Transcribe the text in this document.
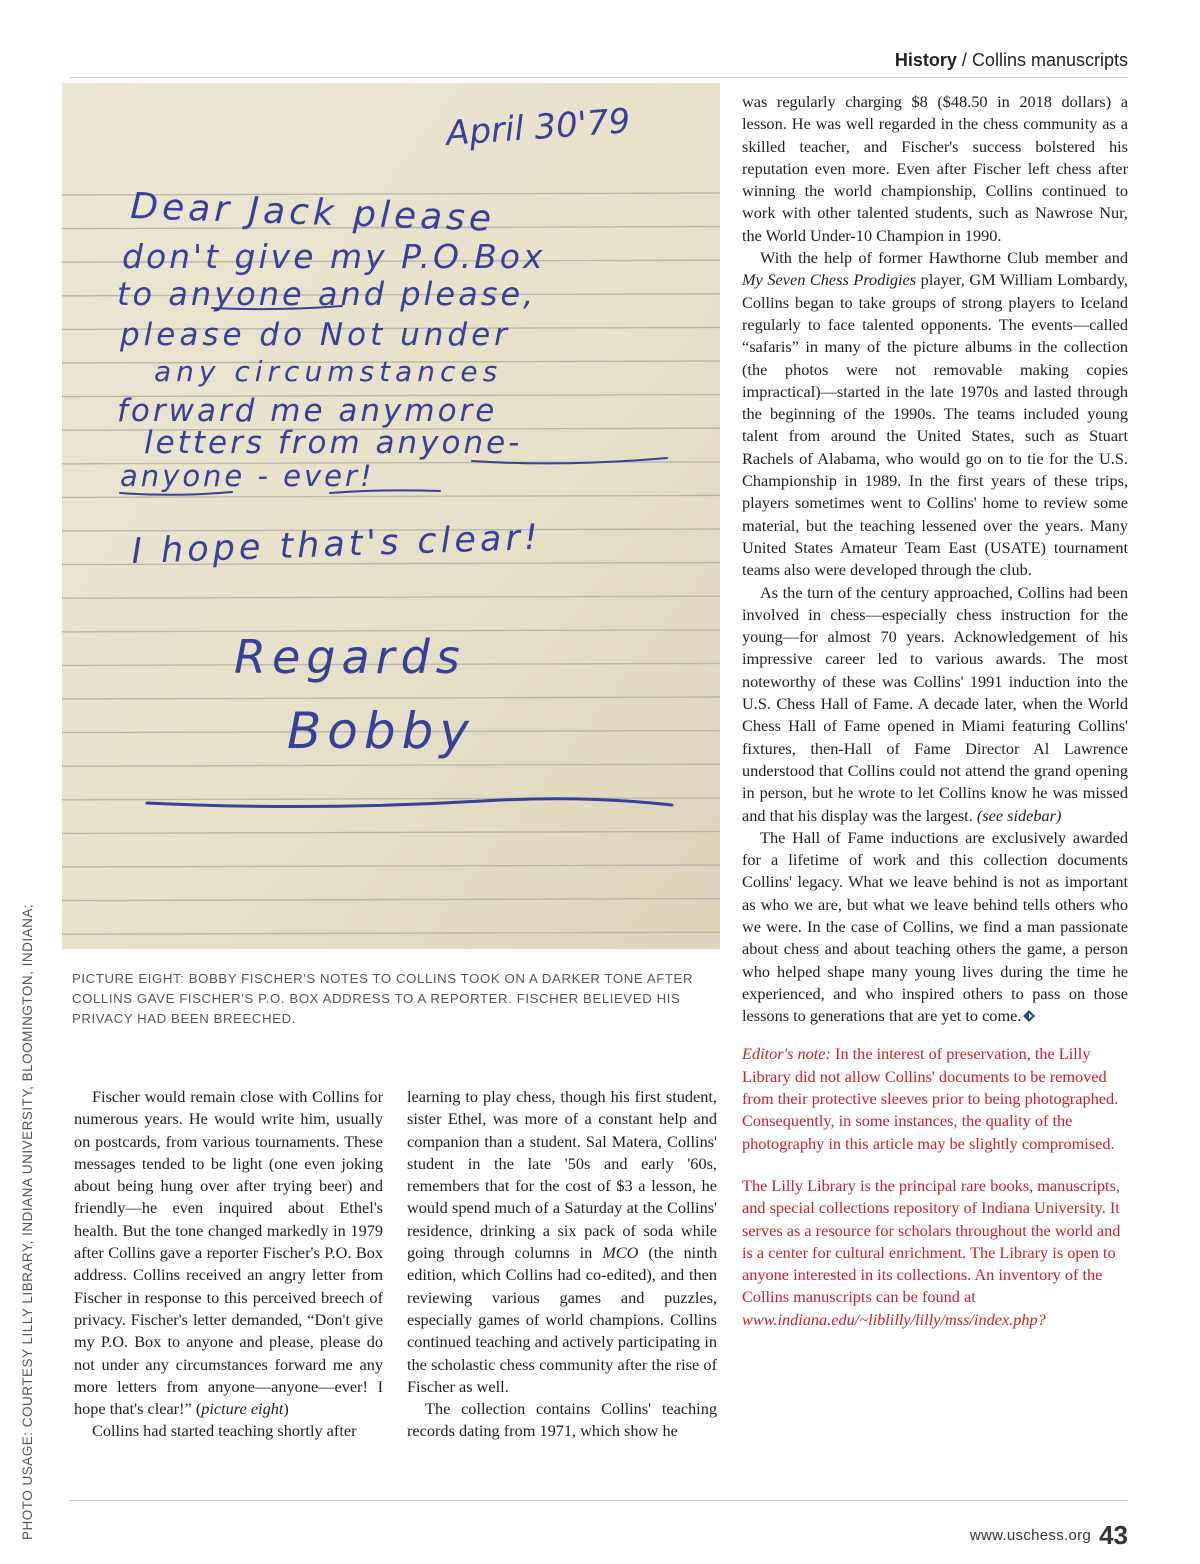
History / Collins manuscripts
PHOTO USAGE: COURTESY LILLY LIBRARY, INDIANA UNIVERSITY, BLOOMINGTON, INDIANA;
April 30'79
Dear Jack please
don't give my P.O.Box
to anyone and please,
please do Not under
any circumstances
forward me anymore
letters from anyone-
anyone - ever!
I hope that's clear!
Regards
Bobby
PICTURE EIGHT: BOBBY FISCHER'S NOTES TO COLLINS TOOK ON A DARKER TONE AFTER COLLINS GAVE FISCHER'S P.O. BOX ADDRESS TO A REPORTER. FISCHER BELIEVED HIS PRIVACY HAD BEEN BREECHED.

Fischer would remain close with Collins for numerous years. He would write him, usually on postcards, from various tournaments. These messages tended to be light (one even joking about being hung over after trying beer) and friendly—he even inquired about Ethel's health. But the tone changed markedly in 1979 after Collins gave a reporter Fischer's P.O. Box address. Collins received an angry letter from Fischer in response to this perceived breech of privacy. Fischer's letter demanded, “Don't give my P.O. Box to anyone and please, please do not under any circumstances forward me any more letters from anyone—anyone—ever! I hope that's clear!” (picture eight)

Collins had started teaching shortly after

learning to play chess, though his first student, sister Ethel, was more of a constant help and companion than a student. Sal Matera, Collins' student in the late '50s and early '60s, remembers that for the cost of $3 a lesson, he would spend much of a Saturday at the Collins' residence, drinking a six pack of soda while going through columns in MCO (the ninth edition, which Collins had co-edited), and then reviewing various games and puzzles, especially games of world champions. Collins continued teaching and actively participating in the scholastic chess community after the rise of Fischer as well.

The collection contains Collins' teaching records dating from 1971, which show he

was regularly charging $8 ($48.50 in 2018 dollars) a lesson. He was well regarded in the chess community as a skilled teacher, and Fischer's success bolstered his reputation even more. Even after Fischer left chess after winning the world championship, Collins continued to work with other talented students, such as Nawrose Nur, the World Under-10 Champion in 1990.

With the help of former Hawthorne Club member and My Seven Chess Prodigies player, GM William Lombardy, Collins began to take groups of strong players to Iceland regularly to face talented opponents. The events—called “safaris” in many of the picture albums in the collection (the photos were not removable making copies impractical)—started in the late 1970s and lasted through the beginning of the 1990s. The teams included young talent from around the United States, such as Stuart Rachels of Alabama, who would go on to tie for the U.S. Championship in 1989. In the first years of these trips, players sometimes went to Collins' home to review some material, but the teaching lessened over the years. Many United States Amateur Team East (USATE) tournament teams also were developed through the club.

As the turn of the century approached, Collins had been involved in chess—especially chess instruction for the young—for almost 70 years. Acknowledgement of his impressive career led to various awards. The most noteworthy of these was Collins' 1991 induction into the U.S. Chess Hall of Fame. A decade later, when the World Chess Hall of Fame opened in Miami featuring Collins' fixtures, then-Hall of Fame Director Al Lawrence understood that Collins could not attend the grand opening in person, but he wrote to let Collins know he was missed and that his display was the largest. (see sidebar)

The Hall of Fame inductions are exclusively awarded for a lifetime of work and this collection documents Collins' legacy. What we leave behind is not as important as who we are, but what we leave behind tells others who we were. In the case of Collins, we find a man passionate about chess and about teaching others the game, a person who helped shape many young lives during the time he experienced, and who inspired others to pass on those lessons to generations that are yet to come.

Editor's note: In the interest of preservation, the Lilly Library did not allow Collins' documents to be removed from their protective sleeves prior to being photographed. Consequently, in some instances, the quality of the photography in this article may be slightly compromised.

The Lilly Library is the principal rare books, manuscripts, and special collections repository of Indiana University. It serves as a resource for scholars throughout the world and is a center for cultural enrichment. The Library is open to anyone interested in its collections. An inventory of the Collins manuscripts can be found at www.indiana.edu/~liblilly/lilly/mss/index.php?

www.uschess.org 43
